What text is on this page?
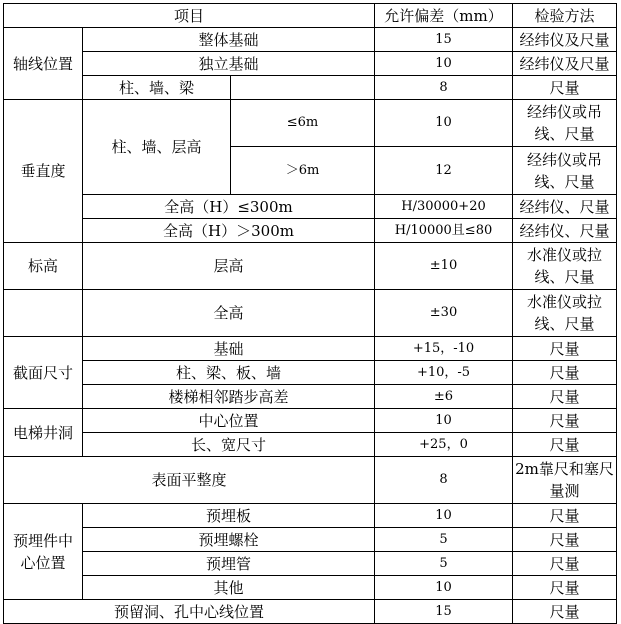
项目			允许偏差（mm）	检验方法
轴线位置	整体基础		15	经纬仪及尺量
	独立基础		10	经纬仪及尺量
	柱、墙、梁		8	尺量
垂直度	柱、墙、层高	≤6m	10	经纬仪或吊线、尺量
		＞6m	12	经纬仪或吊线、尺量
	全高（H）≤300m		H/30000+20	经纬仪、尺量
	全高（H）＞300m		H/10000且≤80	经纬仪、尺量
标高	层高		±10	水准仪或拉线、尺量
	全高		±30	水准仪或拉线、尺量
截面尺寸	基础		+15，-10	尺量
	柱、梁、板、墙		+10，-5	尺量
	楼梯相邻踏步高差		±6	尺量
电梯井洞	中心位置		10	尺量
	长、宽尺寸		+25，0	尺量
表面平整度			8	2m靠尺和塞尺量测
预埋件中心位置	预埋板		10	尺量
	预埋螺栓		5	尺量
	预埋管		5	尺量
	其他		10	尺量
预留洞、孔中心线位置			15	尺量
